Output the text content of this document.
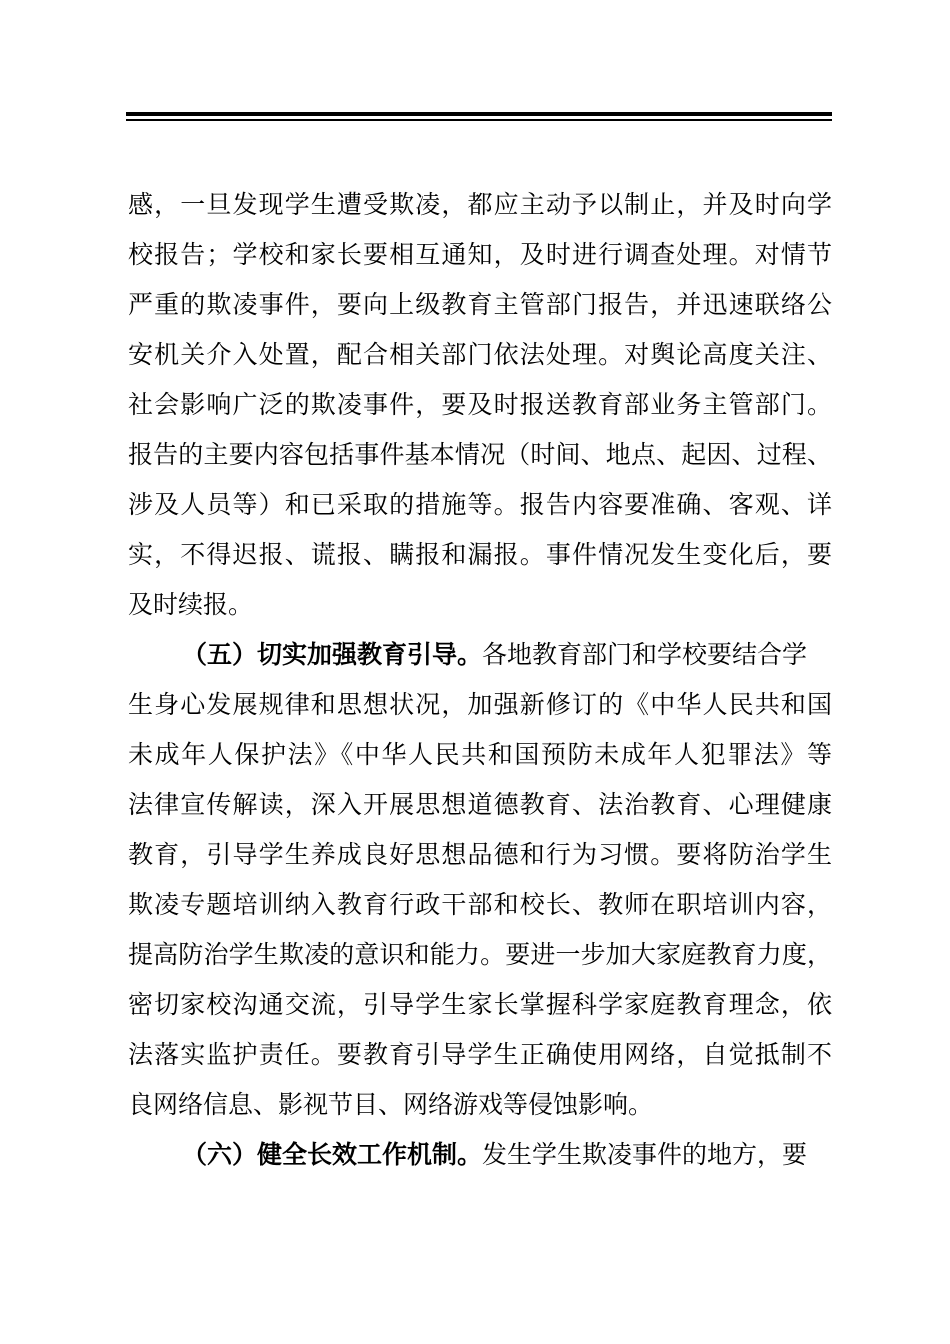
感，一旦发现学生遭受欺凌，都应主动予以制止，并及时向学
校报告；学校和家长要相互通知，及时进行调查处理。对情节
严重的欺凌事件，要向上级教育主管部门报告，并迅速联络公
安机关介入处置，配合相关部门依法处理。对舆论高度关注、
社会影响广泛的欺凌事件，要及时报送教育部业务主管部门。
报告的主要内容包括事件基本情况（时间、地点、起因、过程、
涉及人员等）和已采取的措施等。报告内容要准确、客观、详
实，不得迟报、谎报、瞒报和漏报。事件情况发生变化后，要
及时续报。
（五）切实加强教育引导。各地教育部门和学校要结合学
生身心发展规律和思想状况，加强新修订的《中华人民共和国
未成年人保护法》《中华人民共和国预防未成年人犯罪法》等
法律宣传解读，深入开展思想道德教育、法治教育、心理健康
教育，引导学生养成良好思想品德和行为习惯。要将防治学生
欺凌专题培训纳入教育行政干部和校长、教师在职培训内容，
提高防治学生欺凌的意识和能力。要进一步加大家庭教育力度，
密切家校沟通交流，引导学生家长掌握科学家庭教育理念，依
法落实监护责任。要教育引导学生正确使用网络，自觉抵制不
良网络信息、影视节目、网络游戏等侵蚀影响。
（六）健全长效工作机制。发生学生欺凌事件的地方，要
